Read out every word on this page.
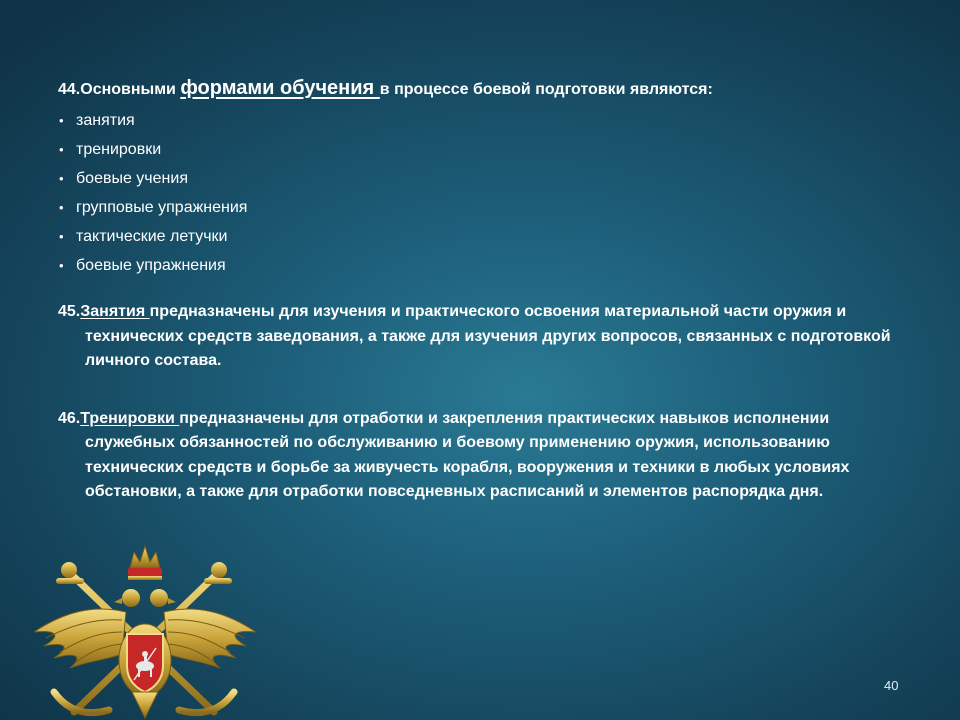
44.Основными формами обучения в процессе боевой подготовки являются:

• занятия
• тренировки
• боевые учения
• групповые упражнения
• тактические летучки
• боевые упражнения

45.Занятия предназначены для изучения и практического освоения материальной части оружия и технических средств заведования, а также для изучения других вопросов, связанных с подготовкой личного состава.

46.Тренировки предназначены для отработки и закрепления практических навыков исполнении служебных обязанностей по обслуживанию и боевому применению оружия, использованию технических средств и борьбе за живучесть корабля, вооружения и техники в любых условиях обстановки, а также для отработки повседневных расписаний и элементов распорядка дня.

40
